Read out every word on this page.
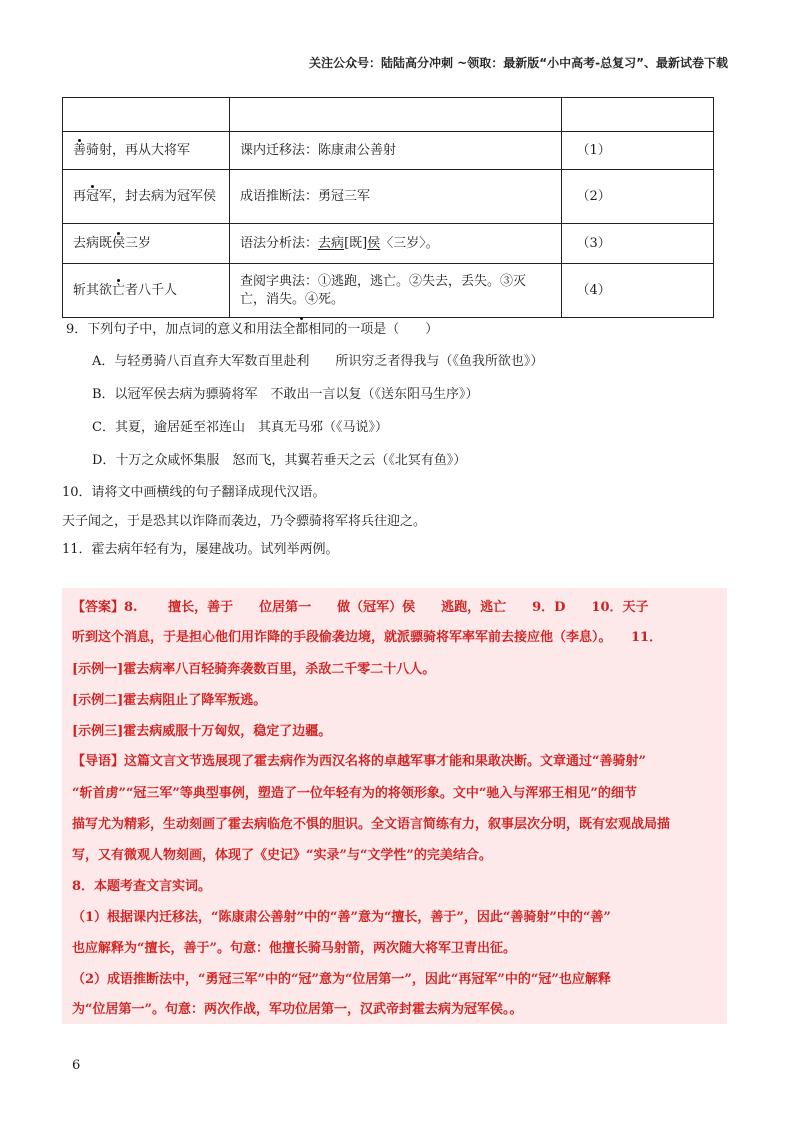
关注公众号：陆陆高分冲刺 ~领取：最新版“小中高考-总复习”、最新试卷下载

善骑射，再从大将军	课内迁移法：陈康肃公善射	（1）
再冠军，封去病为冠军侯	成语推断法：勇冠三军	（2）
去病既侯三岁	语法分析法：去病[既]侯〈三岁〉。	（3）
斩其欲亡者八千人	查阅字典法：①逃跑，逃亡。②失去，丢失。③灭亡，消失。④死。	（4）
9．下列句子中，加点词的意义和用法全都相同的一项是（　　）
A．与轻勇骑八百直弃大军数百里赴利　　所识穷乏者得我与（《鱼我所欲也》）
B．以冠军侯去病为骠骑将军　不敢出一言以复（《送东阳马生序》）
C．其夏，逾居延至祁连山　其真无马邪（《马说》）
D．十万之众咸怀集服　怒而飞，其翼若垂天之云（《北冥有鱼》）
10．请将文中画横线的句子翻译成现代汉语。
天子闻之，于是恐其以诈降而袭边，乃令骠骑将军将兵往迎之。
11．霍去病年轻有为，屡建战功。试列举两例。
【答案】8.　　 擅长，善于　　位居第一　　做（冠军）侯　　逃跑，逃亡　　9．D　　10．天子
听到这个消息，于是担心他们用诈降的手段偷袭边境，就派骠骑将军率军前去接应他（李息）。　　11．
[示例一]霍去病率八百轻骑奔袭数百里，杀敌二千零二十八人。
[示例二]霍去病阻止了降军叛逃。
[示例三]霍去病威服十万匈奴，稳定了边疆。
【导语】这篇文言文节选展现了霍去病作为西汉名将的卓越军事才能和果敢决断。文章通过“善骑射”
“斩首虏”“冠三军”等典型事例，塑造了一位年轻有为的将领形象。文中“驰入与浑邪王相见”的细节
描写尤为精彩，生动刻画了霍去病临危不惧的胆识。全文语言简练有力，叙事层次分明，既有宏观战局描
写，又有微观人物刻画，体现了《史记》“实录”与“文学性”的完美结合。
8．本题考查文言实词。
（1）根据课内迁移法，“陈康肃公善射”中的“善”意为“擅长，善于”，因此“善骑射”中的“善”
也应解释为“擅长，善于”。句意：他擅长骑马射箭，两次随大将军卫青出征。
（2）成语推断法中，“勇冠三军”中的“冠”意为“位居第一”，因此“再冠军”中的“冠”也应解释
为“位居第一”。句意：两次作战，军功位居第一，汉武帝封霍去病为冠军侯。。
6
